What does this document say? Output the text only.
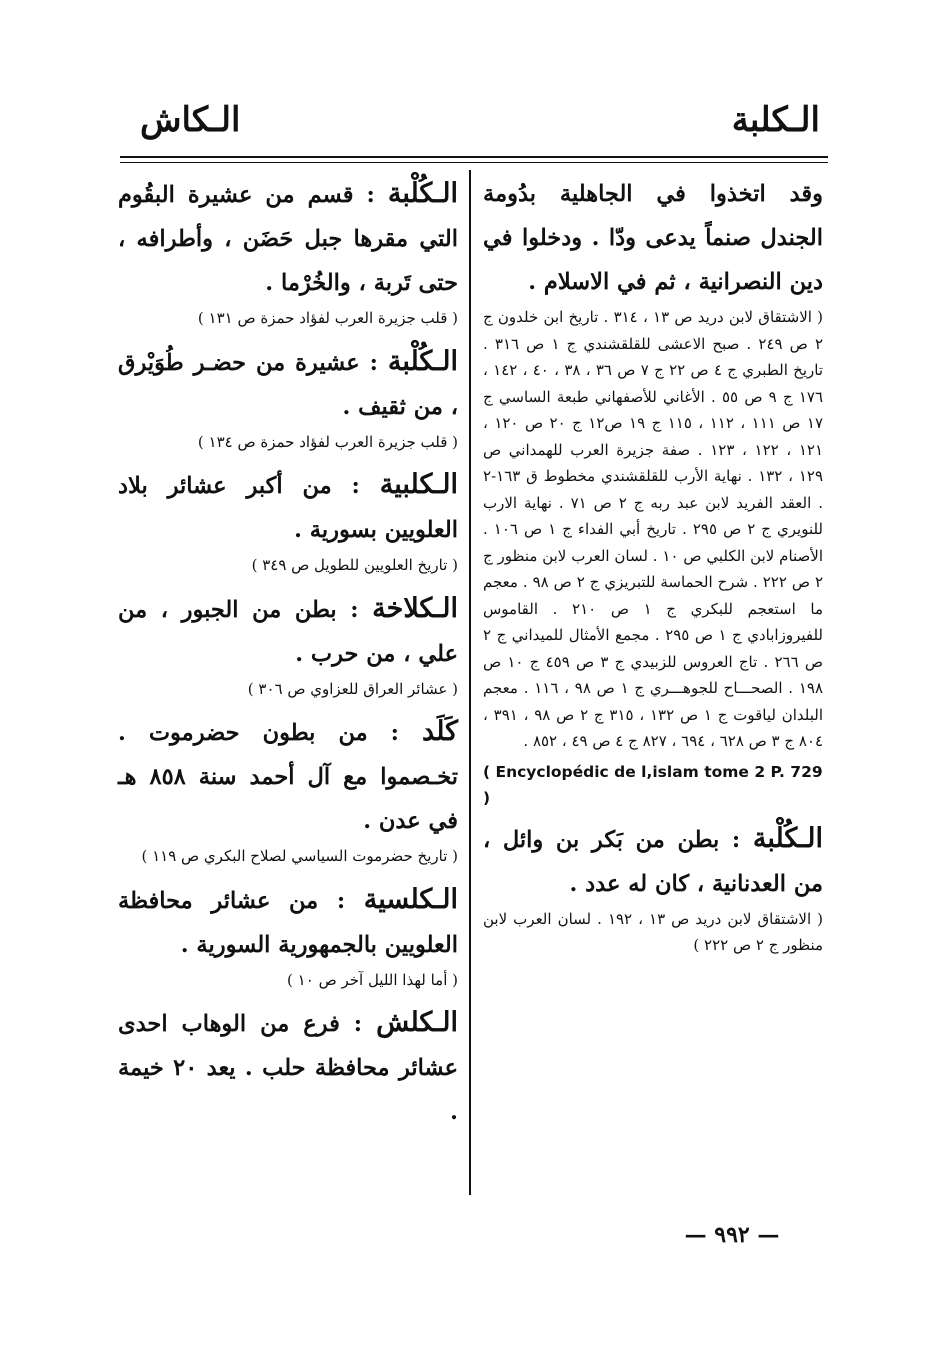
الـكلبة
الـكاش

وقد اتخذوا في الجاهلية بدُومة الجندل صنماً يدعى ودّا . ودخلوا في دين النصرانية ، ثم في الاسلام .

( الاشتقاق لابن دريد ص ١٣ ، ٣١٤ . تاريخ ابن خلدون ج ٢ ص ٢٤٩ . صبح الاعشى للقلقشندي ج ١ ص ٣١٦ . تاريخ الطبري ج ٤ ص ٢٢ ج ٧ ص ٣٦ ، ٣٨ ، ٤٠ ، ١٤٢ ، ١٧٦ ج ٩ ص ٥٥ . الأغاني للأصفهاني طبعة الساسي ج ١٧ ص ١١١ ، ١١٢ ، ١١٥ ج ١٩ ص١٢ ج ٢٠ ص ١٢٠ ، ١٢١ ، ١٢٢ ، ١٢٣ . صفة جزيرة العرب للهمداني ص ١٢٩ ، ١٣٢ . نهاية الأرب للقلقشندي مخطوط ق ١٦٣-٢ . العقد الفريد لابن عبد ربه ج ٢ ص ٧١ . نهاية الارب للنويري ج ٢ ص ٢٩٥ . تاريخ أبي الفداء ج ١ ص ١٠٦ . الأصنام لابن الكلبي ص ١٠ . لسان العرب لابن منظور ج ٢ ص ٢٢٢ . شرح الحماسة للتبريزي ج ٢ ص ٩٨ . معجم ما استعجم للبكري ج ١ ص ٢١٠ . القاموس للفيروزابادي ج ١ ص ٢٩٥ . مجمع الأمثال للميداني ج ٢ ص ٢٦٦ . تاج العروس للزبيدي ج ٣ ص ٤٥٩ ج ١٠ ص ١٩٨ . الصحـــاح للجوهـــري ج ١ ص ٩٨ ، ١١٦ . معجم البلدان لياقوت ج ١ ص ١٣٢ ، ٣١٥ ج ٢ ص ٩٨ ، ٣٩١ ، ٨٠٤ ج ٣ ص ٦٢٨ ، ٦٩٤ ، ٨٢٧ ج ٤ ص ٤٩ ، ٨٥٢ .

( Encyclopédic de l,islam tome 2 P. 729 )

الـكُلْبة : بطن من بَكر بن وائل ، من العدنانية ، كان له عدد .

( الاشتقاق لابن دريد ص ١٣ ، ١٩٢ . لسان العرب لابن منظور ج ٢ ص ٢٢٢ )

الـكُلْبة : قسم من عشيرة البقُوم التي مقرها جبل حَضَن ، وأطرافه ، حتى تَربة ، والخُرْما .

( قلب جزيرة العرب لفؤاد حمزة ص ١٣١ )

الـكُلْبة : عشيرة من حضـر طُوَيْرق ، من ثقيف .

( قلب جزيرة العرب لفؤاد حمزة ص ١٣٤ )

الـكلبية : من أكبر عشائر بلاد العلويين بسورية .

( تاريخ العلويين للطويل ص ٣٤٩ )

الـكلاخة : بطن من الجبور ، من علي ، من حرب .

( عشائر العراق للعزاوي ص ٣٠٦ )

كَلَد : من بطون حضرموت . تخـصموا مع آل أحمد سنة ٨٥٨ هـ في عدن .

( تاريخ حضرموت السياسي لصلاح البكري ص ١١٩ )

الـكلسية : من عشائر محافظة العلويين بالجمهورية السورية .

( أما لهذا الليل آخر ص ١٠ )

الـكلش : فرع من الوهاب احدى عشائر محافظة حلب . يعد ٢٠ خيمة .

— ٩٩٢ —
